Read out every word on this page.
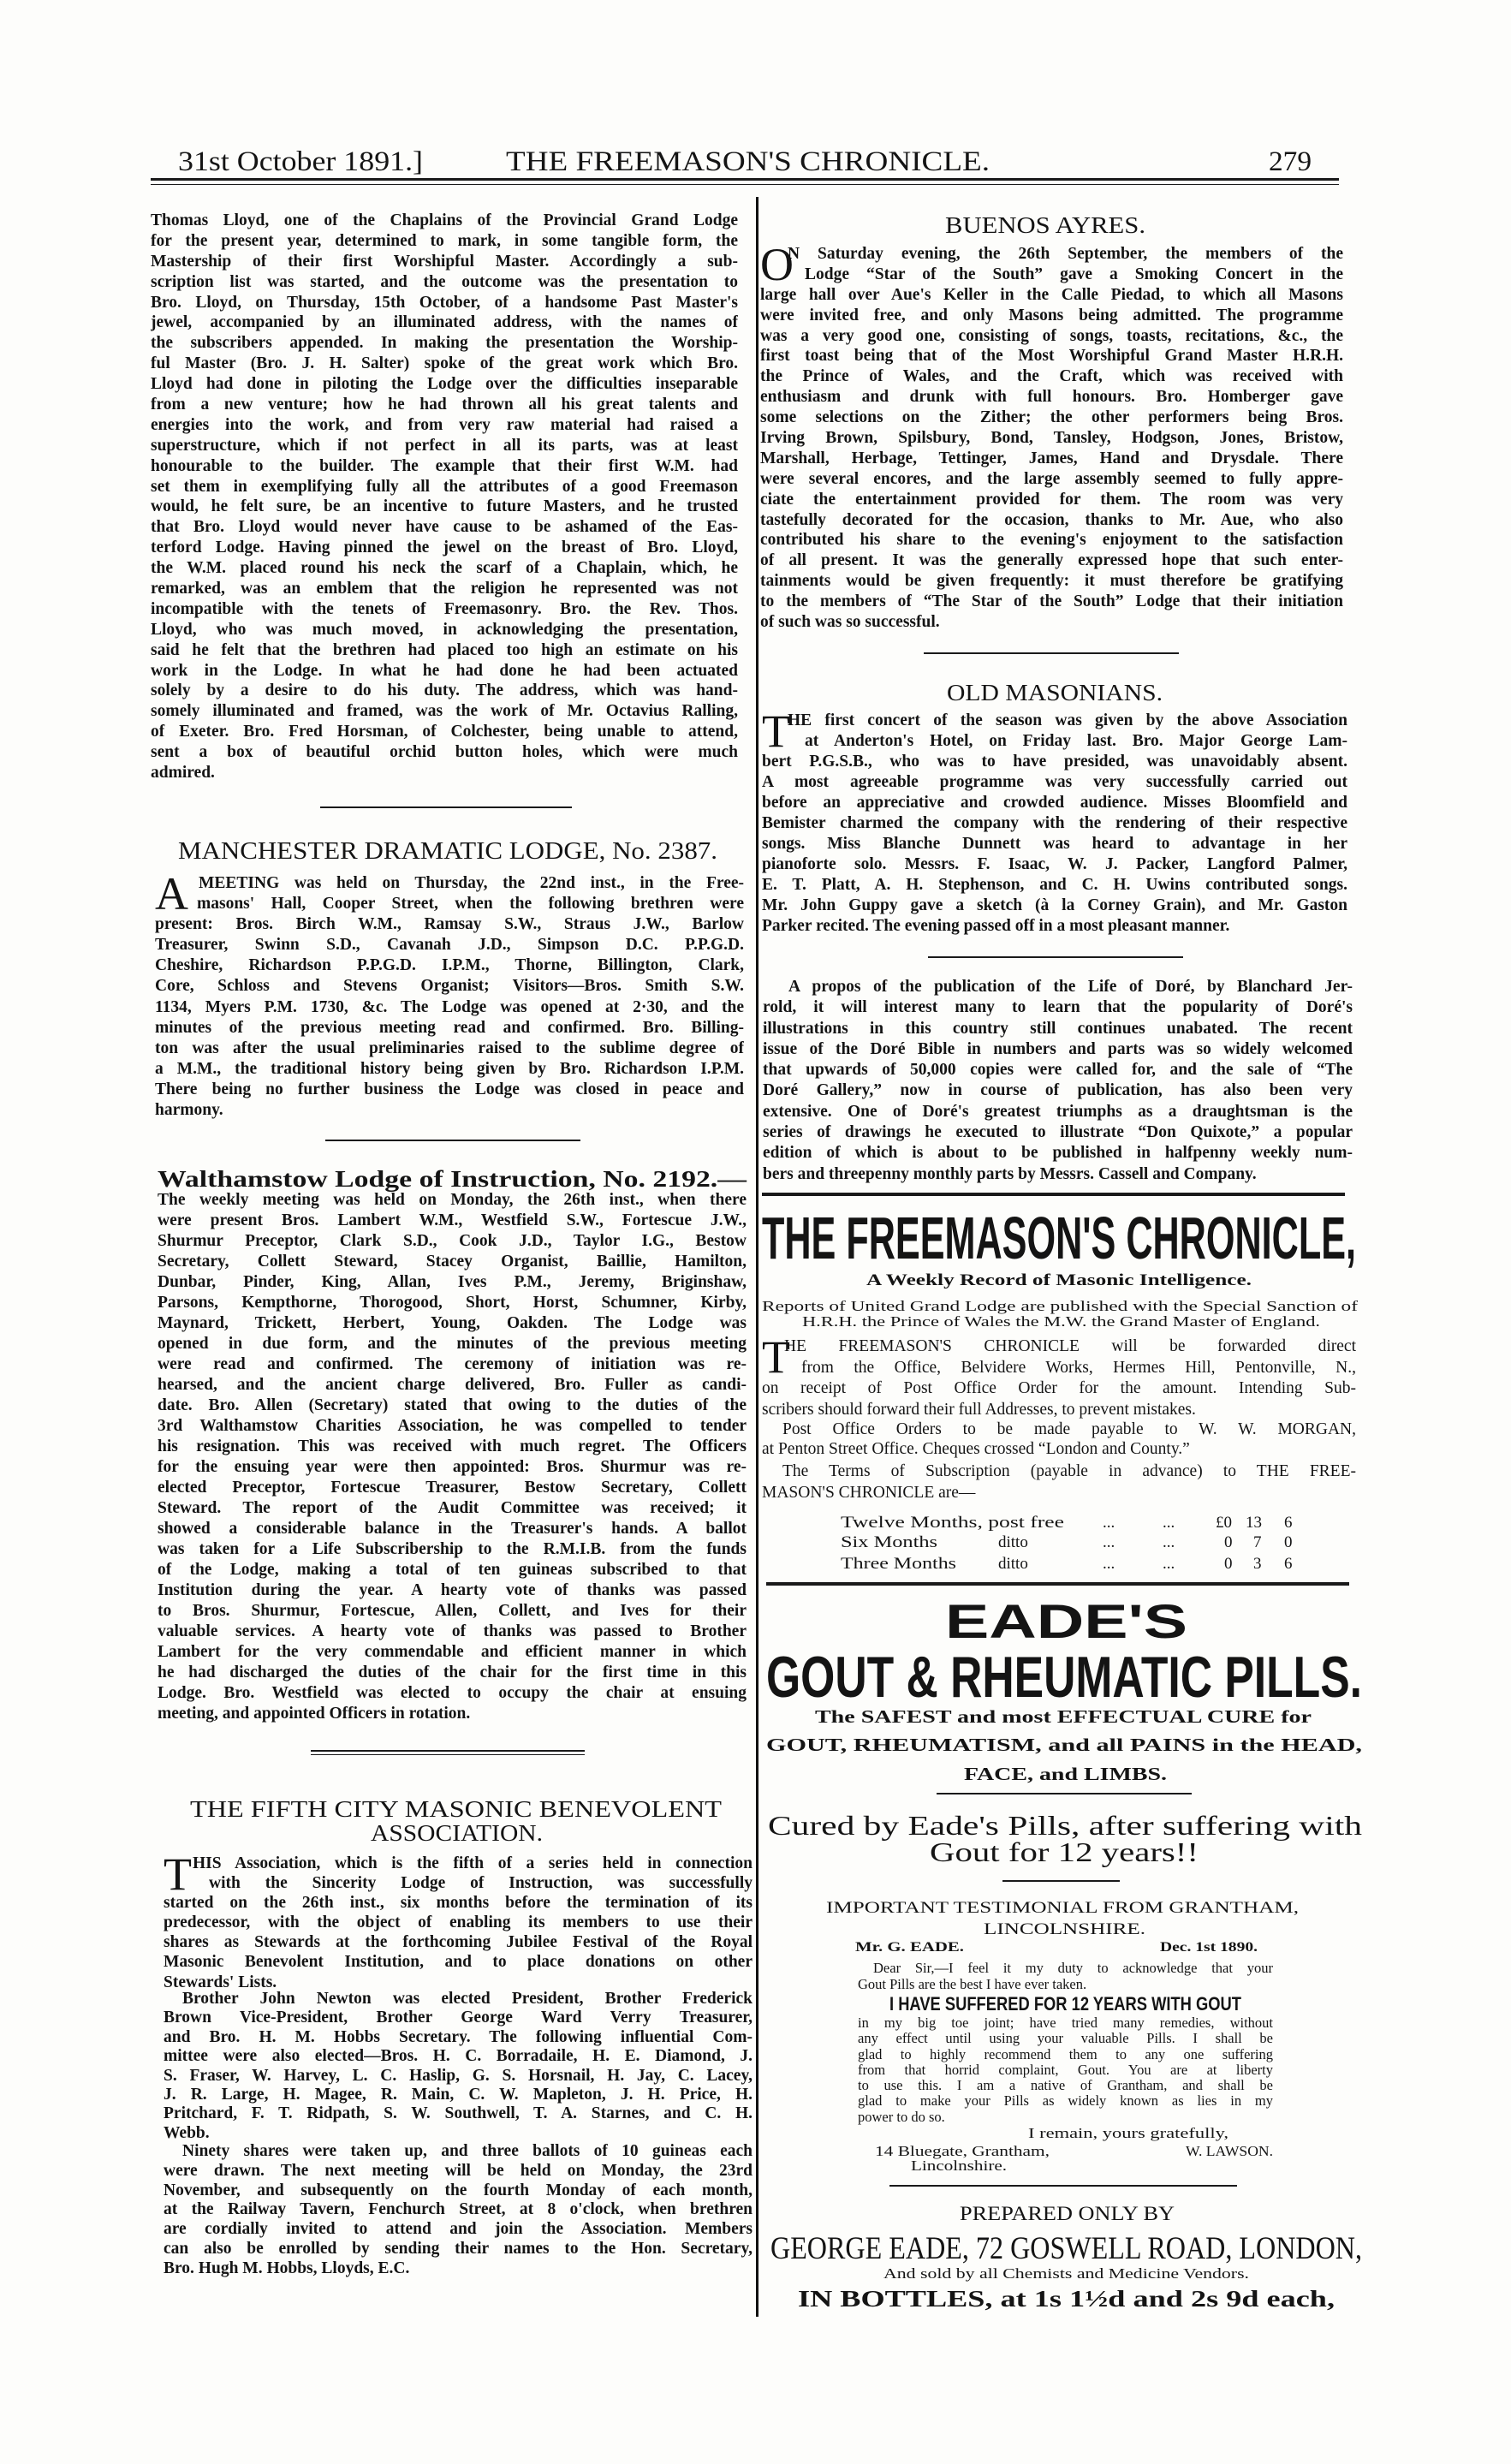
Thomas Lloyd, one of the Chaplains of the Provincial Grand Lodge
for the present year, determined to mark, in some tangible form, the
Mastership of their first Worshipful Master. Accordingly a sub-
scription list was started, and the outcome was the presentation to
Bro. Lloyd, on Thursday, 15th October, of a handsome Past Master's
jewel, accompanied by an illuminated address, with the names of
the subscribers appended. In making the presentation the Worship-
ful Master (Bro. J. H. Salter) spoke of the great work which Bro.
Lloyd had done in piloting the Lodge over the difficulties inseparable
from a new venture; how he had thrown all his great talents and
energies into the work, and from very raw material had raised a
superstructure, which if not perfect in all its parts, was at least
honourable to the builder. The example that their first W.M. had
set them in exemplifying fully all the attributes of a good Freemason
would, he felt sure, be an incentive to future Masters, and he trusted
that Bro. Lloyd would never have cause to be ashamed of the Eas-
terford Lodge. Having pinned the jewel on the breast of Bro. Lloyd,
the W.M. placed round his neck the scarf of a Chaplain, which, he
remarked, was an emblem that the religion he represented was not
incompatible with the tenets of Freemasonry. Bro. the Rev. Thos.
Lloyd, who was much moved, in acknowledging the presentation,
said he felt that the brethren had placed too high an estimate on his
work in the Lodge. In what he had done he had been actuated
solely by a desire to do his duty. The address, which was hand-
somely illuminated and framed, was the work of Mr. Octavius Ralling,
of Exeter. Bro. Fred Horsman, of Colchester, being unable to attend,
sent a box of beautiful orchid button holes, which were much
admired.
A MEETING was held on Thursday, the 22nd inst., in the Free-
masons' Hall, Cooper Street, when the following brethren were
present: Bros. Birch W.M., Ramsay S.W., Straus J.W., Barlow
Treasurer, Swinn S.D., Cavanah J.D., Simpson D.C. P.P.G.D.
Cheshire, Richardson P.P.G.D. I.P.M., Thorne, Billington, Clark,
Core, Schloss and Stevens Organist; Visitors—Bros. Smith S.W.
1134, Myers P.M. 1730, &c. The Lodge was opened at 2·30, and the
minutes of the previous meeting read and confirmed. Bro. Billing-
ton was after the usual preliminaries raised to the sublime degree of
a M.M., the traditional history being given by Bro. Richardson I.P.M.
There being no further business the Lodge was closed in peace and
harmony.
The weekly meeting was held on Monday, the 26th inst., when there
were present Bros. Lambert W.M., Westfield S.W., Fortescue J.W.,
Shurmur Preceptor, Clark S.D., Cook J.D., Taylor I.G., Bestow
Secretary, Collett Steward, Stacey Organist, Baillie, Hamilton,
Dunbar, Pinder, King, Allan, Ives P.M., Jeremy, Briginshaw,
Parsons, Kempthorne, Thorogood, Short, Horst, Schumner, Kirby,
Maynard, Trickett, Herbert, Young, Oakden. The Lodge was
opened in due form, and the minutes of the previous meeting
were read and confirmed. The ceremony of initiation was re-
hearsed, and the ancient charge delivered, Bro. Fuller as candi-
date. Bro. Allen (Secretary) stated that owing to the duties of the
3rd Walthamstow Charities Association, he was compelled to tender
his resignation. This was received with much regret. The Officers
for the ensuing year were then appointed: Bros. Shurmur was re-
elected Preceptor, Fortescue Treasurer, Bestow Secretary, Collett
Steward. The report of the Audit Committee was received; it
showed a considerable balance in the Treasurer's hands. A ballot
was taken for a Life Subscribership to the R.M.I.B. from the funds
of the Lodge, making a total of ten guineas subscribed to that
Institution during the year. A hearty vote of thanks was passed
to Bros. Shurmur, Fortescue, Allen, Collett, and Ives for their
valuable services. A hearty vote of thanks was passed to Brother
Lambert for the very commendable and efficient manner in which
he had discharged the duties of the chair for the first time in this
Lodge. Bro. Westfield was elected to occupy the chair at ensuing
meeting, and appointed Officers in rotation.
T HIS Association, which is the fifth of a series held in connection
with the Sincerity Lodge of Instruction, was successfully
started on the 26th inst., six months before the termination of its
predecessor, with the object of enabling its members to use their
shares as Stewards at the forthcoming Jubilee Festival of the Royal
Masonic Benevolent Institution, and to place donations on other
Stewards' Lists.
Brother John Newton was elected President, Brother Frederick
Brown Vice-President, Brother George Ward Verry Treasurer,
and Bro. H. M. Hobbs Secretary. The following influential Com-
mittee were also elected—Bros. H. C. Borradaile, H. E. Diamond, J.
S. Fraser, W. Harvey, L. C. Haslip, G. S. Horsnail, H. Jay, C. Lacey,
J. R. Large, H. Magee, R. Main, C. W. Mapleton, J. H. Price, H.
Pritchard, F. T. Ridpath, S. W. Southwell, T. A. Starnes, and C. H.
Webb.
Ninety shares were taken up, and three ballots of 10 guineas each
were drawn. The next meeting will be held on Monday, the 23rd
November, and subsequently on the fourth Monday of each month,
at the Railway Tavern, Fenchurch Street, at 8 o'clock, when brethren
are cordially invited to attend and join the Association. Members
can also be enrolled by sending their names to the Hon. Secretary,
Bro. Hugh M. Hobbs, Lloyds, E.C.
O
N Saturday evening, the 26th September, the members of the
Lodge “Star of the South” gave a Smoking Concert in the
large hall over Aue's Keller in the Calle Piedad, to which all Masons
were invited free, and only Masons being admitted. The programme
was a very good one, consisting of songs, toasts, recitations, &c., the
first toast being that of the Most Worshipful Grand Master H.R.H.
the Prince of Wales, and the Craft, which was received with
enthusiasm and drunk with full honours. Bro. Homberger gave
some selections on the Zither; the other performers being Bros.
Irving Brown, Spilsbury, Bond, Tansley, Hodgson, Jones, Bristow,
Marshall, Herbage, Tettinger, James, Hand and Drysdale. There
were several encores, and the large assembly seemed to fully appre-
ciate the entertainment provided for them. The room was very
tastefully decorated for the occasion, thanks to Mr. Aue, who also
contributed his share to the evening's enjoyment to the satisfaction
of all present. It was the generally expressed hope that such enter-
tainments would be given frequently: it must therefore be gratifying
to the members of “The Star of the South” Lodge that their initiation
of such was so successful.
T
HE first concert of the season was given by the above Association
at Anderton's Hotel, on Friday last. Bro. Major George Lam-
bert P.G.S.B., who was to have presided, was unavoidably absent.
A most agreeable programme was very successfully carried out
before an appreciative and crowded audience. Misses Bloomfield and
Bemister charmed the company with the rendering of their respective
songs. Miss Blanche Dunnett was heard to advantage in her
pianoforte solo. Messrs. F. Isaac, W. J. Packer, Langford Palmer,
E. T. Platt, A. H. Stephenson, and C. H. Uwins contributed songs.
Mr. John Guppy gave a sketch (à la Corney Grain), and Mr. Gaston
Parker recited. The evening passed off in a most pleasant manner.
A propos of the publication of the Life of Doré, by Blanchard Jer-
rold, it will interest many to learn that the popularity of Doré's
illustrations in this country still continues unabated. The recent
issue of the Doré Bible in numbers and parts was so widely welcomed
that upwards of 50,000 copies were called for, and the sale of “The
Doré Gallery,” now in course of publication, has also been very
extensive. One of Doré's greatest triumphs as a draughtsman is the
series of drawings he executed to illustrate “Don Quixote,” a popular
edition of which is about to be published in halfpenny weekly num-
bers and threepenny monthly parts by Messrs. Cassell and Company.
T
HE FREEMASON'S CHRONICLE will be forwarded direct
from the Office, Belvidere Works, Hermes Hill, Pentonville, N.,
on receipt of Post Office Order for the amount. Intending Sub-
scribers should forward their full Addresses, to prevent mistakes.
Post Office Orders to be made payable to W. W. MORGAN,
at Penton Street Office. Cheques crossed “London and County.”
The Terms of Subscription (payable in advance) to THE FREE-
MASON'S CHRONICLE are—
Dear Sir,—I feel it my duty to acknowledge that your
Gout Pills are the best I have ever taken.
in my big toe joint; have tried many remedies, without
any effect until using your valuable Pills. I shall be
glad to highly recommend them to any one suffering
from that horrid complaint, Gout. You are at liberty
to use this. I am a native of Grantham, and shall be
glad to make your Pills as widely known as lies in my
power to do so.
31st October 1891.]	THE FREEMASON'S CHRONICLE.	279
MANCHESTER DRAMATIC LODGE, No. 2387.
Walthamstow Lodge of Instruction, No. 2192.—
THE FIFTH CITY MASONIC BENEVOLENT
ASSOCIATION.
BUENOS AYRES.
OLD MASONIANS.
THE FREEMASON'S CHRONICLE,
A Weekly Record of Masonic Intelligence.
Reports of United Grand Lodge are published with the Special Sanction of
H.R.H. the Prince of Wales the M.W. the Grand Master of England.
Twelve Months, post free ...	...	£0 13 6
Six Months	ditto	...	...	0 7 0
Three Months	ditto	...	...	0 3 6
EADE'S
GOUT & RHEUMATIC PILLS.
The SAFEST and most EFFECTUAL CURE for
GOUT, RHEUMATISM, and all PAINS in the HEAD,
FACE, and LIMBS.
Cured by Eade's Pills, after suffering with
Gout for 12 years!!
IMPORTANT TESTIMONIAL FROM GRANTHAM,
LINCOLNSHIRE.
Mr. G. EADE.	Dec. 1st 1890.
I HAVE SUFFERED FOR 12 YEARS WITH GOUT
I remain, yours gratefully,
14 Bluegate, Grantham,	W. LAWSON.
Lincolnshire.
PREPARED ONLY BY
GEORGE EADE, 72 GOSWELL ROAD, LONDON,
And sold by all Chemists and Medicine Vendors.
IN BOTTLES, at 1s 1½d and 2s 9d each,
